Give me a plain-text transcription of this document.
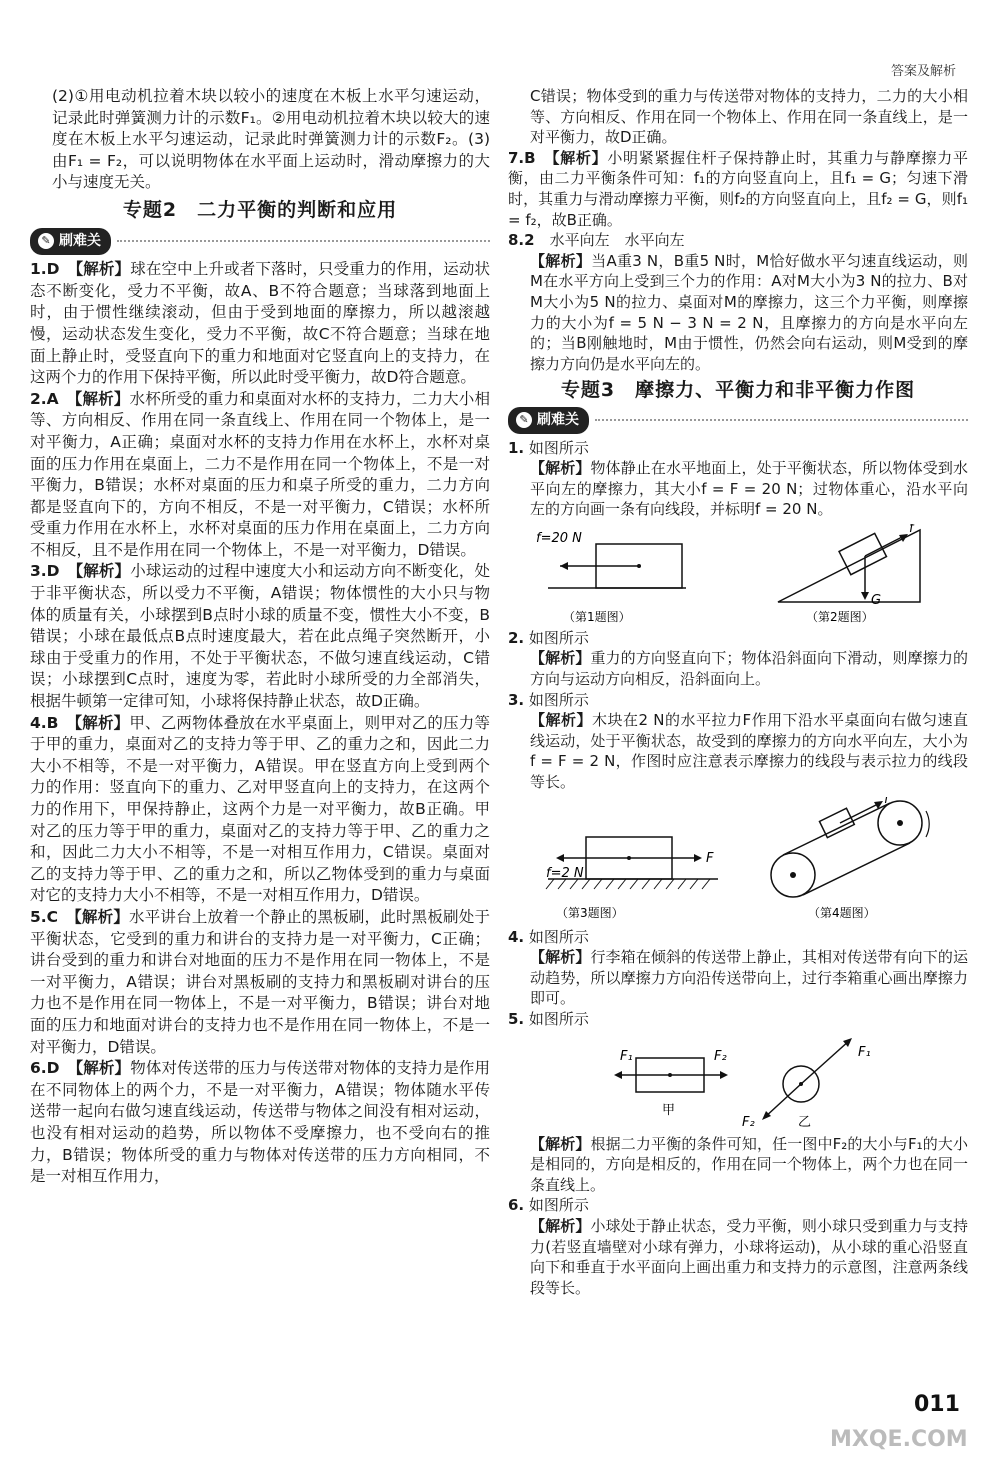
答案及解析

(2)①用电动机拉着木块以较小的速度在木板上水平匀速运动，记录此时弹簧测力计的示数F₁。②用电动机拉着木块以较大的速度在木板上水平匀速运动，记录此时弹簧测力计的示数F₂。(3)由F₁ = F₂，可以说明物体在水平面上运动时，滑动摩擦力的大小与速度无关。

专题2　二力平衡的判断和应用
✎ 刷难关

1.D　 【解析】球在空中上升或者下落时，只受重力的作用，运动状态不断变化，受力不平衡，故A、B不符合题意；当球落到地面上时，由于惯性继续滚动，但由于受到地面的摩擦力，所以越滚越慢，运动状态发生变化，受力不平衡，故C不符合题意；当球在地面上静止时，受竖直向下的重力和地面对它竖直向上的支持力，在这两个力的作用下保持平衡，所以此时受平衡力，故D符合题意。

2.A　 【解析】水杯所受的重力和桌面对水杯的支持力，二力大小相等、方向相反、作用在同一条直线上、作用在同一个物体上，是一对平衡力，A正确；桌面对水杯的支持力作用在水杯上，水杯对桌面的压力作用在桌面上，二力不是作用在同一个物体上，不是一对平衡力，B错误；水杯对桌面的压力和桌子所受的重力，二力方向都是竖直向下的，方向不相反，不是一对平衡力，C错误；水杯所受重力作用在水杯上，水杯对桌面的压力作用在桌面上，二力方向不相反，且不是作用在同一个物体上，不是一对平衡力，D错误。

3.D　 【解析】小球运动的过程中速度大小和运动方向不断变化，处于非平衡状态，所以受力不平衡，A错误；物体惯性的大小只与物体的质量有关，小球摆到B点时小球的质量不变，惯性大小不变，B错误；小球在最低点B点时速度最大，若在此点绳子突然断开，小球由于受重力的作用，不处于平衡状态，不做匀速直线运动，C错误；小球摆到C点时，速度为零，若此时小球所受的力全部消失，根据牛顿第一定律可知，小球将保持静止状态，故D正确。

4.B　 【解析】甲、乙两物体叠放在水平桌面上，则甲对乙的压力等于甲的重力，桌面对乙的支持力等于甲、乙的重力之和，因此二力大小不相等，不是一对平衡力，A错误。甲在竖直方向上受到两个力的作用：竖直向下的重力、乙对甲竖直向上的支持力，在这两个力的作用下，甲保持静止，这两个力是一对平衡力，故B正确。甲对乙的压力等于甲的重力，桌面对乙的支持力等于甲、乙的重力之和，因此二力大小不相等，不是一对相互作用力，C错误。桌面对乙的支持力等于甲、乙的重力之和，所以乙物体受到的重力与桌面对它的支持力大小不相等，不是一对相互作用力，D错误。

5.C　 【解析】水平讲台上放着一个静止的黑板刷，此时黑板刷处于平衡状态，它受到的重力和讲台的支持力是一对平衡力，C正确；讲台受到的重力和讲台对地面的压力不是作用在同一物体上，不是一对平衡力，A错误；讲台对黑板刷的支持力和黑板刷对讲台的压力也不是作用在同一物体上，不是一对平衡力，B错误；讲台对地面的压力和地面对讲台的支持力也不是作用在同一物体上，不是一对平衡力，D错误。

6.D　 【解析】物体对传送带的压力与传送带对物体的支持力是作用在不同物体上的两个力，不是一对平衡力，A错误；物体随水平传送带一起向右做匀速直线运动，传送带与物体之间没有相对运动，也没有相对运动的趋势，所以物体不受摩擦力，也不受向右的推力，B错误；物体所受的重力与物体对传送带的压力方向相同，不是一对相互作用力，

C错误；物体受到的重力与传送带对物体的支持力，二力的大小相等、方向相反、作用在同一个物体上、作用在同一条直线上，是一对平衡力，故D正确。

7.B　 【解析】小明紧紧握住杆子保持静止时，其重力与静摩擦力平衡，由二力平衡条件可知：f₁的方向竖直向上，且f₁ = G；匀速下滑时，其重力与滑动摩擦力平衡，则f₂的方向竖直向上，且f₂ = G，则f₁ = f₂，故B正确。

8.2　 水平向左　水平向左

【解析】当A重3 N，B重5 N时，M恰好做水平匀速直线运动，则M在水平方向上受到三个力的作用：A对M大小为3 N的拉力、B对M大小为5 N的拉力、桌面对M的摩擦力，这三个力平衡，则摩擦力的大小为f = 5 N − 3 N = 2 N，且摩擦力的方向是水平向左的；当B刚触地时，M由于惯性，仍然会向右运动，则M受到的摩擦力方向仍是水平向左的。

专题3　摩擦力、平衡力和非平衡力作图
✎ 刷难关

1. 如图所示

【解析】物体静止在水平地面上，处于平衡状态，所以物体受到水平向左的摩擦力，其大小f = F = 20 N；过物体重心，沿水平向左的方向画一条有向线段，并标明f = 20 N。

f=20 N
G
f
（第1题图）	（第2题图）

2. 如图所示

【解析】重力的方向竖直向下；物体沿斜面向下滑动，则摩擦力的方向与运动方向相反，沿斜面向上。

3. 如图所示

【解析】木块在2 N的水平拉力F作用下沿水平桌面向右做匀速直线运动，处于平衡状态，故受到的摩擦力的方向水平向左，大小为f = F = 2 N，作图时应注意表示摩擦力的线段与表示拉力的线段等长。

F
f=2 N
f
（第3题图）	（第4题图）

4. 如图所示

【解析】行李箱在倾斜的传送带上静止，其相对传送带有向下的运动趋势，所以摩擦力方向沿传送带向上，过行李箱重心画出摩擦力即可。

5. 如图所示

F₁	F₂
甲
F₁
F₂	乙

【解析】根据二力平衡的条件可知，任一图中F₂的大小与F₁的大小是相同的，方向是相反的，作用在同一个物体上，两个力也在同一条直线上。

6. 如图所示

【解析】小球处于静止状态，受力平衡，则小球只受到重力与支持力(若竖直墙壁对小球有弹力，小球将运动)，从小球的重心沿竖直向下和垂直于水平面向上画出重力和支持力的示意图，注意两条线段等长。

MXQE.COM
011
